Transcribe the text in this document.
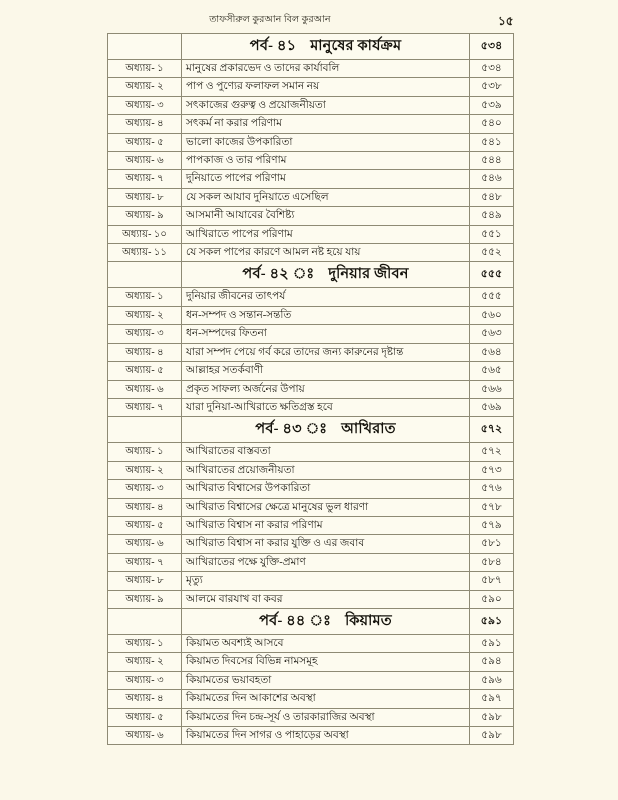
তাফসীরুল কুরআন বিল কুরআন	১৫
	পর্ব- ৪১ মানুষের কার্যক্রম	৫৩৪
অধ্যায়- ১	মানুষের প্রকারভেদ ও তাদের কার্যাবলি	৫৩৪
অধ্যায়- ২	পাপ ও পুণ্যের ফলাফল সমান নয়	৫৩৮
অধ্যায়- ৩	সৎকাজের গুরুত্ব ও প্রয়োজনীয়তা	৫৩৯
অধ্যায়- ৪	সৎকর্ম না করার পরিণাম	৫৪০
অধ্যায়- ৫	ভালো কাজের উপকারিতা	৫৪১
অধ্যায়- ৬	পাপকাজ ও তার পরিণাম	৫৪৪
অধ্যায়- ৭	দুনিয়াতে পাপের পরিণাম	৫৪৬
অধ্যায়- ৮	যে সকল আযাব দুনিয়াতে এসেছিল	৫৪৮
অধ্যায়- ৯	আসমানী আযাবের বৈশিষ্ট্য	৫৪৯
অধ্যায়- ১০	আখিরাতে পাপের পরিণাম	৫৫১
অধ্যায়- ১১	যে সকল পাপের কারণে আমল নষ্ট হয়ে যায়	৫৫২
	পর্ব- ৪২ ঃ দুনিয়ার জীবন	৫৫৫
অধ্যায়- ১	দুনিয়ার জীবনের তাৎপর্য	৫৫৫
অধ্যায়- ২	ধন-সম্পদ ও সন্তান-সন্ততি	৫৬০
অধ্যায়- ৩	ধন-সম্পদের ফিতনা	৫৬৩
অধ্যায়- ৪	যারা সম্পদ পেয়ে গর্ব করে তাদের জন্য কারুনের দৃষ্টান্ত	৫৬৪
অধ্যায়- ৫	আল্লাহর সতর্কবাণী	৫৬৫
অধ্যায়- ৬	প্রকৃত সাফল্য অর্জনের উপায়	৫৬৬
অধ্যায়- ৭	যারা দুনিয়া-আখিরাতে ক্ষতিগ্রস্ত হবে	৫৬৯
	পর্ব- ৪৩ ঃ আখিরাত	৫৭২
অধ্যায়- ১	আখিরাতের বাস্তবতা	৫৭২
অধ্যায়- ২	আখিরাতের প্রয়োজনীয়তা	৫৭৩
অধ্যায়- ৩	আখিরাত বিশ্বাসের উপকারিতা	৫৭৬
অধ্যায়- ৪	আখিরাত বিশ্বাসের ক্ষেত্রে মানুষের ভুল ধারণা	৫৭৮
অধ্যায়- ৫	আখিরাত বিশ্বাস না করার পরিণাম	৫৭৯
অধ্যায়- ৬	আখিরাত বিশ্বাস না করার যুক্তি ও এর জবাব	৫৮১
অধ্যায়- ৭	আখিরাতের পক্ষে যুক্তি-প্রমাণ	৫৮৪
অধ্যায়- ৮	মৃত্যু	৫৮৭
অধ্যায়- ৯	আলমে বারযাখ বা কবর	৫৯০
	পর্ব- ৪৪ ঃ কিয়ামত	৫৯১
অধ্যায়- ১	কিয়ামত অবশ্যই আসবে	৫৯১
অধ্যায়- ২	কিয়ামত দিবসের বিভিন্ন নামসমূহ	৫৯৪
অধ্যায়- ৩	কিয়ামতের ভয়াবহতা	৫৯৬
অধ্যায়- ৪	কিয়ামতের দিন আকাশের অবস্থা	৫৯৭
অধ্যায়- ৫	কিয়ামতের দিন চন্দ্র-সূর্য ও তারকারাজির অবস্থা	৫৯৮
অধ্যায়- ৬	কিয়ামতের দিন সাগর ও পাহাড়ের অবস্থা	৫৯৮
